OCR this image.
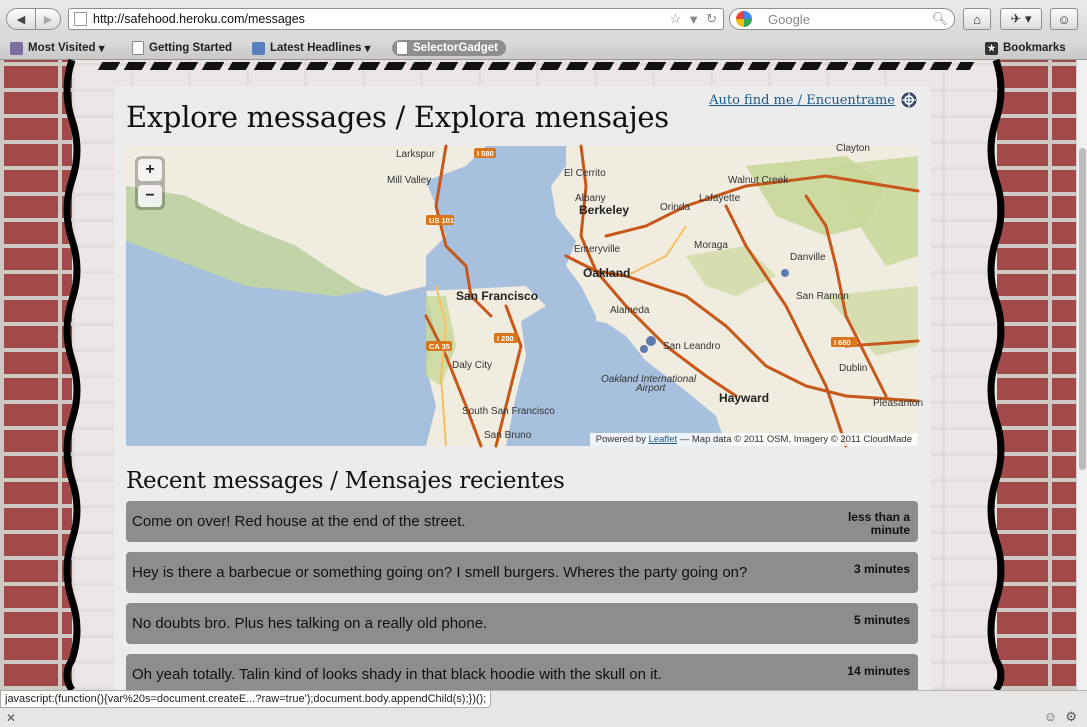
◀ ▶	http://safehood.heroku.com/messages	☆ ▼ ↻	Google	🔍︎ ⌂ ✈ ▾ ☺
Most Visited ▾	Getting Started	Latest Headlines ▾	SelectorGadget	★ Bookmarks
Explore messages / Explora mensajes	Auto find me / Encuentrame
I 580
US 101
CA 35
I 280	I 680
Larkspur
Mill Valley
El Cerrito
Albany
Walnut Creek
Orinda
Lafayette
Clayton
Emeryville	Moraga
Danville
San Ramon
Alameda
Daly City
San Leandro
Dublin
South San Francisco
San Bruno
Pleasanton
Oakland International
Airport
Berkeley
Oakland
San Francisco
Hayward
+
−
Powered by Leaflet — Map data © 2011 OSM, Imagery © 2011 CloudMade
Recent messages / Mensajes recientes
Come on over! Red house at the end of the street.	less than a minute
Hey is there a barbecue or something going on? I smell burgers. Wheres the party going on?	3 minutes
No doubts bro. Plus hes talking on a really old phone.	5 minutes
Oh yeah totally. Talin kind of looks shady in that black hoodie with the skull on it.	14 minutes
javascript:(function(){var%20s=document.createE...?raw=true');document.body.appendChild(s);})();
✕	☺ ⚙
